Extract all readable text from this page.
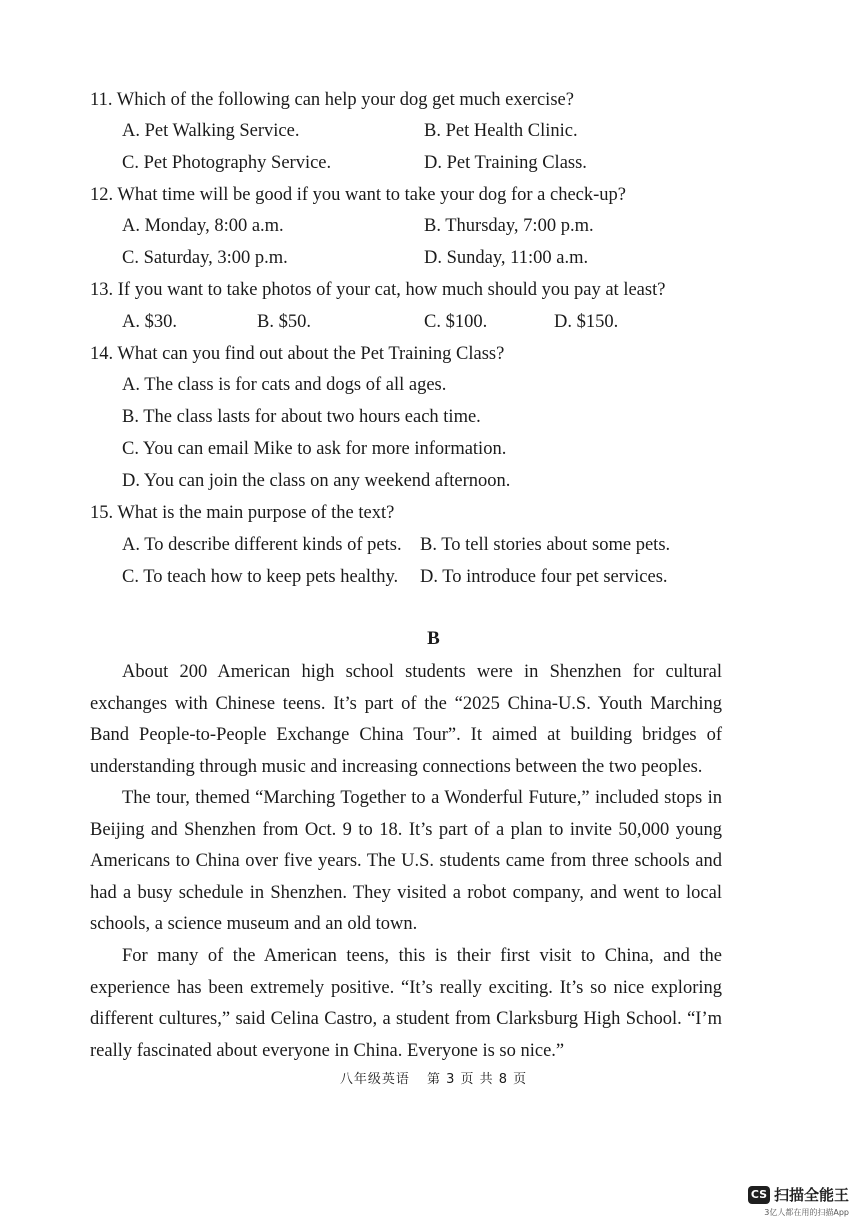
11. Which of the following can help your dog get much exercise?
A. Pet Walking Service.	B. Pet Health Clinic.
C. Pet Photography Service.	D. Pet Training Class.
12. What time will be good if you want to take your dog for a check-up?
A. Monday, 8:00 a.m.	B. Thursday, 7:00 p.m.
C. Saturday, 3:00 p.m.	D. Sunday, 11:00 a.m.
13. If you want to take photos of your cat, how much should you pay at least?
A. $30.	B. $50.	C. $100.	D. $150.
14. What can you find out about the Pet Training Class?
A. The class is for cats and dogs of all ages.
B. The class lasts for about two hours each time.
C. You can email Mike to ask for more information.
D. You can join the class on any weekend afternoon.
15. What is the main purpose of the text?
A. To describe different kinds of pets. B. To tell stories about some pets.
C. To teach how to keep pets healthy. D. To introduce four pet services.
B
About 200 American high school students were in Shenzhen for cultural exchanges with Chinese teens. It’s part of the “2025 China-U.S. Youth Marching Band People-to-People Exchange China Tour”. It aimed at building bridges of understanding through music and increasing connections between the two peoples.
The tour, themed “Marching Together to a Wonderful Future,” included stops in Beijing and Shenzhen from Oct. 9 to 18. It’s part of a plan to invite 50,000 young Americans to China over five years. The U.S. students came from three schools and had a busy schedule in Shenzhen. They visited a robot company, and went to local schools, a science museum and an old town.
For many of the American teens, this is their first visit to China, and the experience has been extremely positive. “It’s really exciting. It’s so nice exploring different cultures,” said Celina Castro, a student from Clarksburg High School. “I’m really fascinated about everyone in China. Everyone is so nice.”
八年级英语 第 3 页 共 8 页
CS 扫描全能王
3亿人都在用的扫描App
